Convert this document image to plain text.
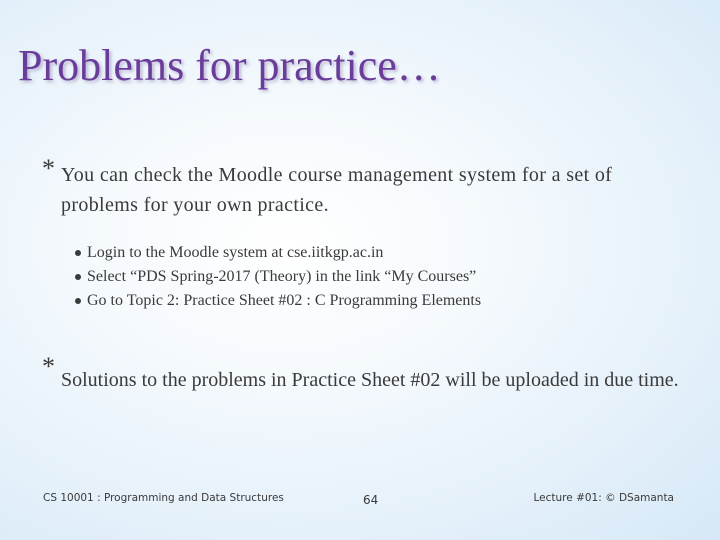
Problems for practice…
* You can check the Moodle course management system for a set of problems for your own practice.
Login to the Moodle system at cse.iitkgp.ac.in
Select “PDS Spring-2017 (Theory) in the link “My Courses”
Go to Topic 2: Practice Sheet #02 : C Programming Elements
* Solutions to the problems in Practice Sheet #02 will be uploaded in due time.
CS 10001 : Programming and Data Structures	64	Lecture #01: © DSamanta
